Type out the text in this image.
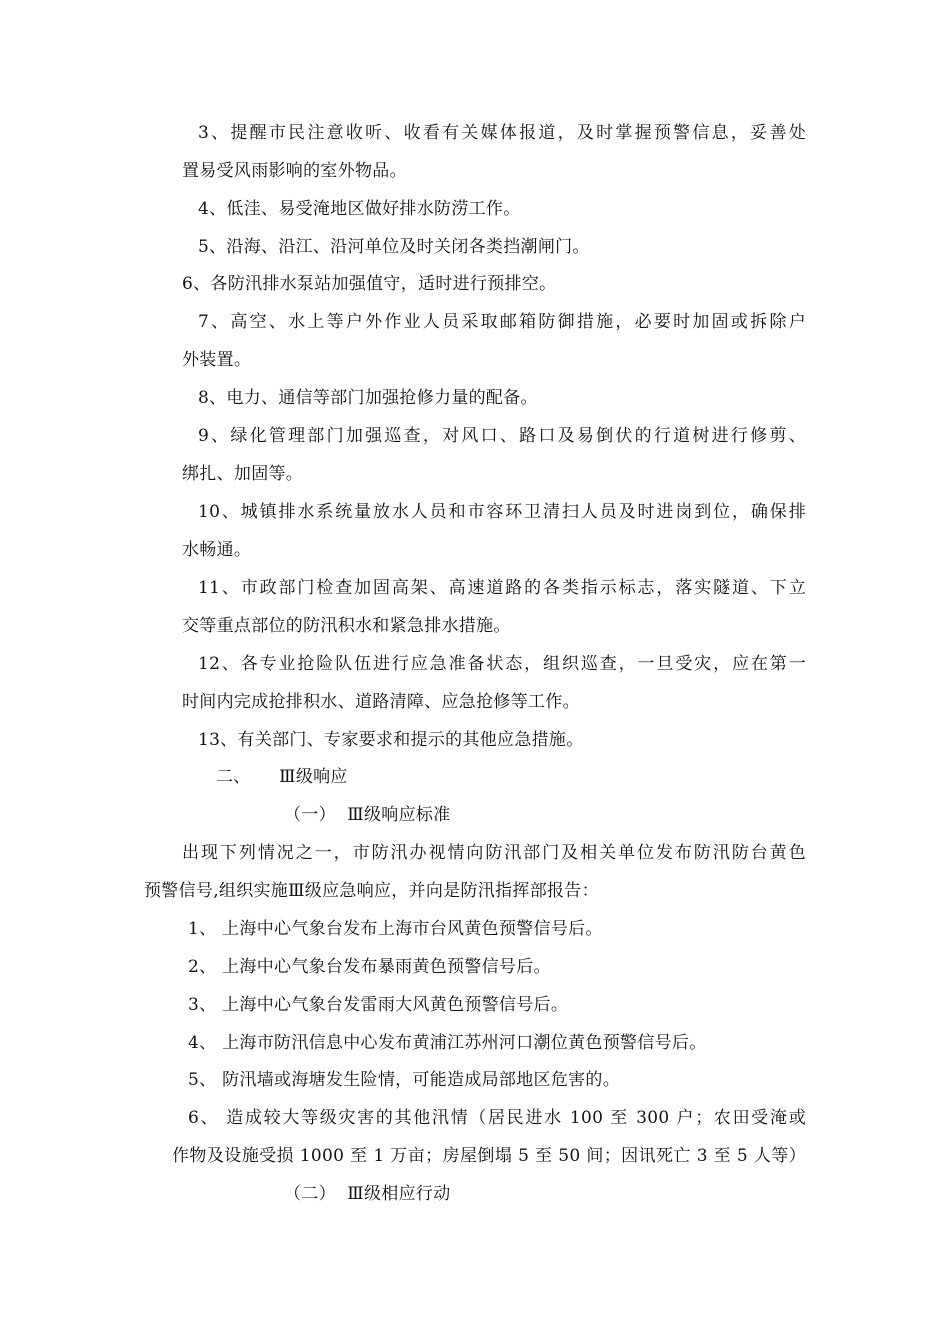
3、提醒市民注意收听、收看有关媒体报道，及时掌握预警信息，妥善处
置易受风雨影响的室外物品。
4、低洼、易受淹地区做好排水防涝工作。
5、沿海、沿江、沿河单位及时关闭各类挡潮闸门。
6、各防汛排水泵站加强值守，适时进行预排空。
7、高空、水上等户外作业人员采取邮箱防御措施，必要时加固或拆除户
外装置。
8、电力、通信等部门加强抢修力量的配备。
9、绿化管理部门加强巡查，对风口、路口及易倒伏的行道树进行修剪、
绑扎、加固等。
10、城镇排水系统量放水人员和市容环卫清扫人员及时进岗到位，确保排
水畅通。
11、市政部门检查加固高架、高速道路的各类指示标志，落实隧道、下立
交等重点部位的防汛积水和紧急排水措施。
12、各专业抢险队伍进行应急准备状态，组织巡查，一旦受灾，应在第一
时间内完成抢排积水、道路清障、应急抢修等工作。
13、有关部门、专家要求和提示的其他应急措施。
二、     Ⅲ级响应
（一）  Ⅲ级响应标准
出现下列情况之一，市防汛办视情向防汛部门及相关单位发布防汛防台黄色
预警信号,组织实施Ⅲ级应急响应，并向是防汛指挥部报告：
1、 上海中心气象台发布上海市台风黄色预警信号后。
2、 上海中心气象台发布暴雨黄色预警信号后。
3、 上海中心气象台发雷雨大风黄色预警信号后。
4、 上海市防汛信息中心发布黄浦江苏州河口潮位黄色预警信号后。
5、 防汛墙或海塘发生险情，可能造成局部地区危害的。
6、 造成较大等级灾害的其他汛情（居民进水 100 至 300 户；农田受淹或
作物及设施受损 1000 至 1 万亩；房屋倒塌 5 至 50 间；因讯死亡 3 至 5 人等）
（二）  Ⅲ级相应行动
